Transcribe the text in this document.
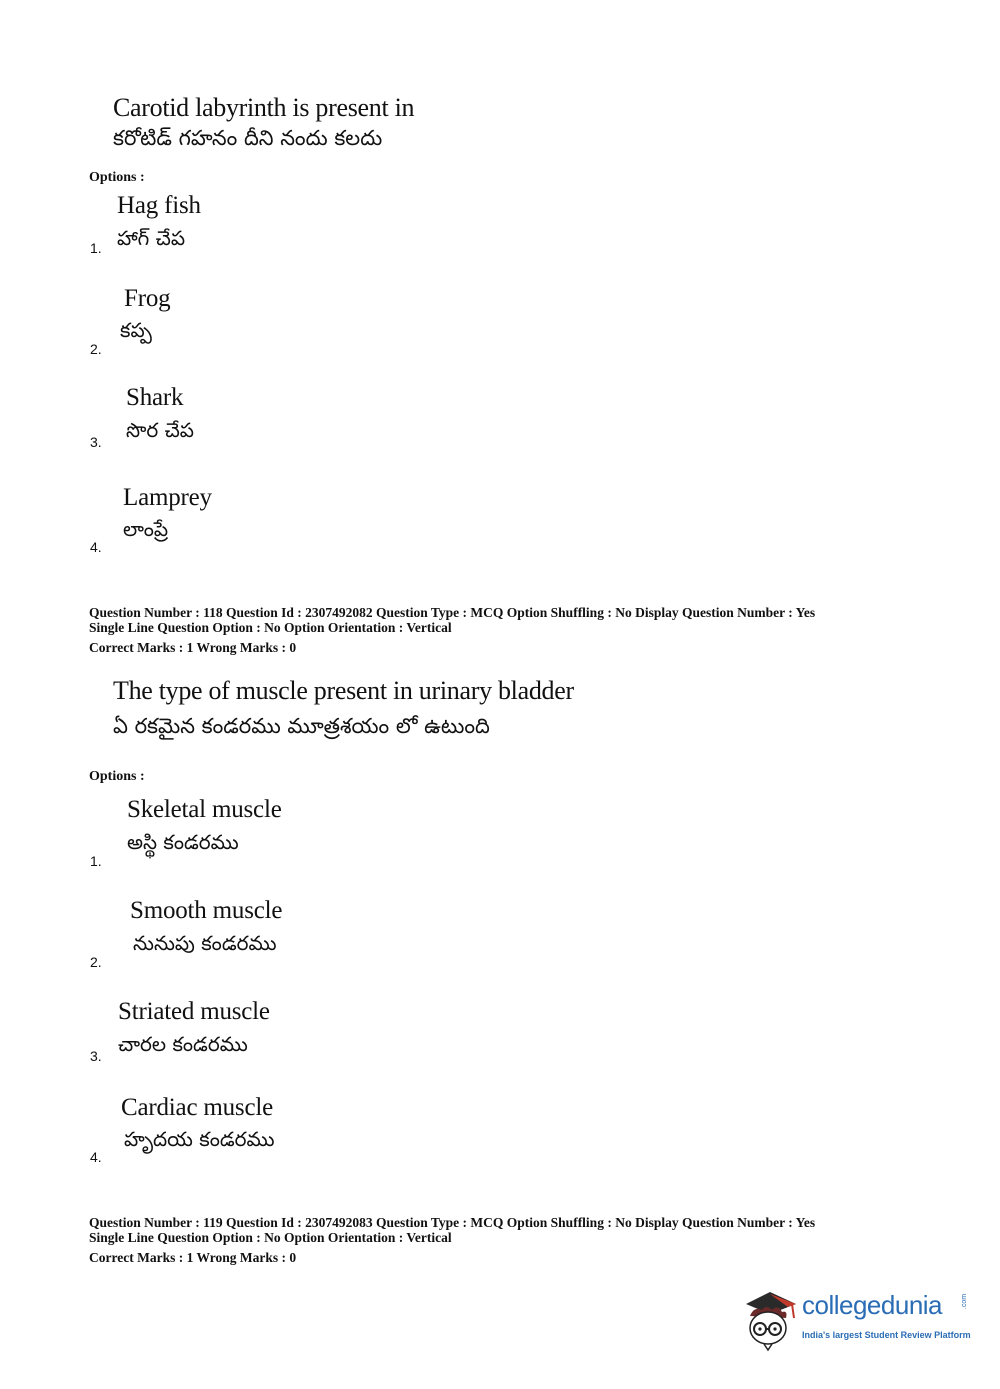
Carotid labyrinth is present in
కరోటిడ్ గహనం దీని నందు కలదు
Options :
Hag fish
హాగ్ చేప
1.
Frog
కప్ప
2.
Shark
సొర చేప
3.
Lamprey
లాంప్రే
4.
Question Number : 118 Question Id : 2307492082 Question Type : MCQ Option Shuffling : No Display Question Number : Yes
Single Line Question Option : No Option Orientation : Vertical
Correct Marks : 1 Wrong Marks : 0
The type of muscle present in urinary bladder
ఏ రకమైన కండరము మూత్రశయం లో ఉటుంది
Options :
Skeletal muscle
అస్థి కండరము
1.
Smooth muscle
నునుపు కండరము
2.
Striated muscle
చారల కండరము
3.
Cardiac muscle
హృదయ కండరము
4.
Question Number : 119 Question Id : 2307492083 Question Type : MCQ Option Shuffling : No Display Question Number : Yes
Single Line Question Option : No Option Orientation : Vertical
Correct Marks : 1 Wrong Marks : 0
collegedunia	.com
India's largest Student Review Platform
